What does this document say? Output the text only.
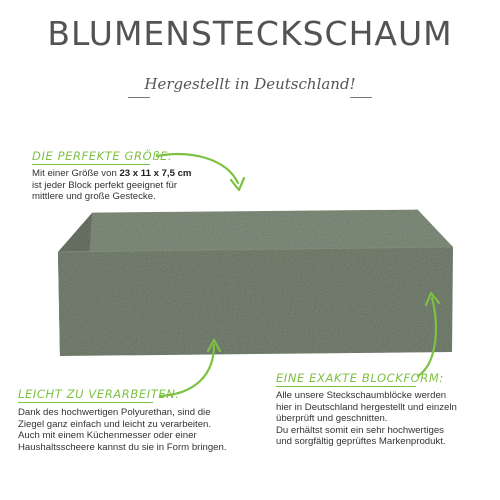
BLUMENSTECKSCHAUM
Hergestellt in Deutschland!
DIE PERFEKTE GRÖßE:

Mit einer Größe von 23 x 11 x 7,5 cm

ist jeder Block perfekt geeignet für

mittlere und große Gestecke.

LEICHT ZU VERARBEITEN:

Dank des hochwertigen Polyurethan, sind die

Ziegel ganz einfach und leicht zu verarbeiten.

Auch mit einem Küchenmesser oder einer

Haushaltsscheere kannst du sie in Form bringen.

EINE EXAKTE BLOCKFORM:

Alle unsere Steckschaumblöcke werden

hier in Deutschland hergestellt und einzeln

überprüft und geschnitten.

Du erhältst somit ein sehr hochwertiges

und sorgfältig geprüftes Markenprodukt.
